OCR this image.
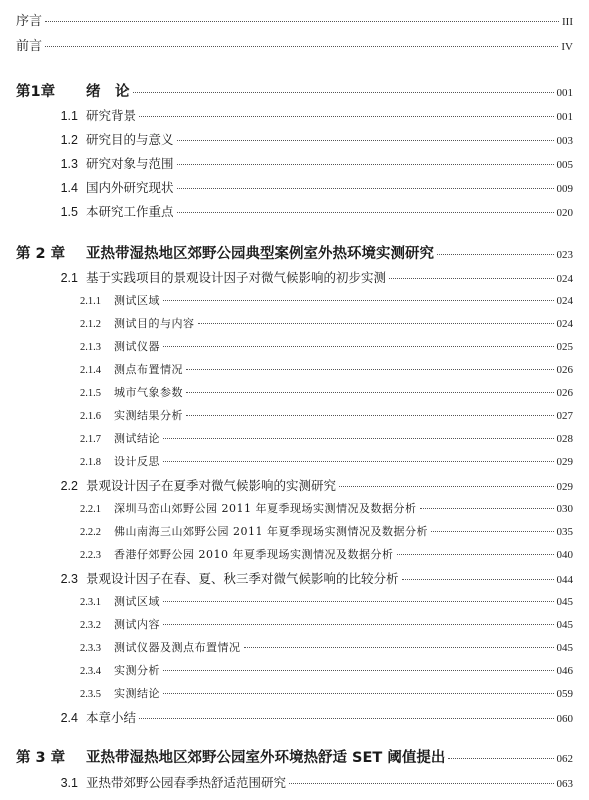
序言	III
前言	IV
第1章	绪　论	001
1.1 研究背景	001
1.2 研究目的与意义	003
1.3 研究对象与范围	005
1.4 国内外研究现状	009
1.5 本研究工作重点	020
第 2 章	亚热带湿热地区郊野公园典型案例室外热环境实测研究	023
2.1 基于实践项目的景观设计因子对微气候影响的初步实测	024
2.1.1	测试区域	024
2.1.2	测试目的与内容	024
2.1.3	测试仪器	025
2.1.4	测点布置情况	026
2.1.5	城市气象参数	026
2.1.6	实测结果分析	027
2.1.7	测试结论	028
2.1.8	设计反思	029
2.2 景观设计因子在夏季对微气候影响的实测研究	029
2.2.1	深圳马峦山郊野公园 2011 年夏季现场实测情况及数据分析	030
2.2.2	佛山南海三山郊野公园 2011 年夏季现场实测情况及数据分析	035
2.2.3	香港仔郊野公园 2010 年夏季现场实测情况及数据分析	040
2.3 景观设计因子在春、夏、秋三季对微气候影响的比较分析	044
2.3.1	测试区域	045
2.3.2	测试内容	045
2.3.3	测试仪器及测点布置情况	045
2.3.4	实测分析	046
2.3.5	实测结论	059
2.4 本章小结	060
第 3 章	亚热带湿热地区郊野公园室外环境热舒适 SET 阈值提出	062
3.1 亚热带郊野公园春季热舒适范围研究	063
